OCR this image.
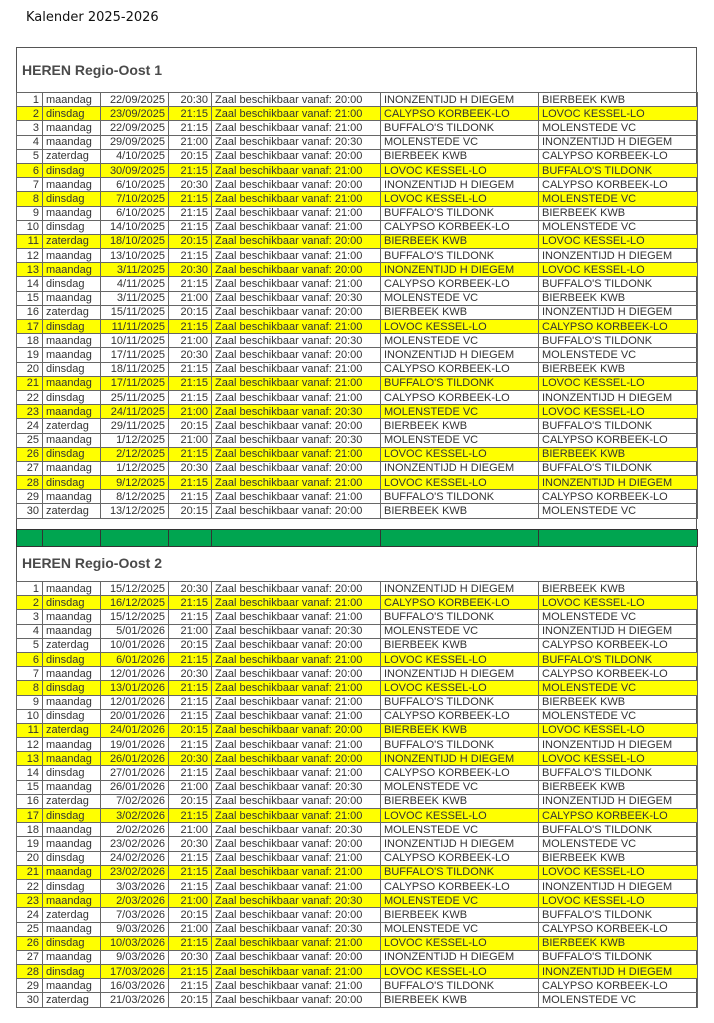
Kalender 2025-2026
HEREN Regio-Oost 1
1	maandag	22/09/2025	20:30	Zaal beschikbaar vanaf: 20:00	INONZENTIJD H DIEGEM	BIERBEEK KWB
2	dinsdag	23/09/2025	21:15	Zaal beschikbaar vanaf: 21:00	CALYPSO KORBEEK-LO	LOVOC KESSEL-LO
3	maandag	22/09/2025	21:15	Zaal beschikbaar vanaf: 21:00	BUFFALO'S TILDONK	MOLENSTEDE VC
4	maandag	29/09/2025	21:00	Zaal beschikbaar vanaf: 20:30	MOLENSTEDE VC	INONZENTIJD H DIEGEM
5	zaterdag	4/10/2025	20:15	Zaal beschikbaar vanaf: 20:00	BIERBEEK KWB	CALYPSO KORBEEK-LO
6	dinsdag	30/09/2025	21:15	Zaal beschikbaar vanaf: 21:00	LOVOC KESSEL-LO	BUFFALO'S TILDONK
7	maandag	6/10/2025	20:30	Zaal beschikbaar vanaf: 20:00	INONZENTIJD H DIEGEM	CALYPSO KORBEEK-LO
8	dinsdag	7/10/2025	21:15	Zaal beschikbaar vanaf: 21:00	LOVOC KESSEL-LO	MOLENSTEDE VC
9	maandag	6/10/2025	21:15	Zaal beschikbaar vanaf: 21:00	BUFFALO'S TILDONK	BIERBEEK KWB
10	dinsdag	14/10/2025	21:15	Zaal beschikbaar vanaf: 21:00	CALYPSO KORBEEK-LO	MOLENSTEDE VC
11	zaterdag	18/10/2025	20:15	Zaal beschikbaar vanaf: 20:00	BIERBEEK KWB	LOVOC KESSEL-LO
12	maandag	13/10/2025	21:15	Zaal beschikbaar vanaf: 21:00	BUFFALO'S TILDONK	INONZENTIJD H DIEGEM
13	maandag	3/11/2025	20:30	Zaal beschikbaar vanaf: 20:00	INONZENTIJD H DIEGEM	LOVOC KESSEL-LO
14	dinsdag	4/11/2025	21:15	Zaal beschikbaar vanaf: 21:00	CALYPSO KORBEEK-LO	BUFFALO'S TILDONK
15	maandag	3/11/2025	21:00	Zaal beschikbaar vanaf: 20:30	MOLENSTEDE VC	BIERBEEK KWB
16	zaterdag	15/11/2025	20:15	Zaal beschikbaar vanaf: 20:00	BIERBEEK KWB	INONZENTIJD H DIEGEM
17	dinsdag	11/11/2025	21:15	Zaal beschikbaar vanaf: 21:00	LOVOC KESSEL-LO	CALYPSO KORBEEK-LO
18	maandag	10/11/2025	21:00	Zaal beschikbaar vanaf: 20:30	MOLENSTEDE VC	BUFFALO'S TILDONK
19	maandag	17/11/2025	20:30	Zaal beschikbaar vanaf: 20:00	INONZENTIJD H DIEGEM	MOLENSTEDE VC
20	dinsdag	18/11/2025	21:15	Zaal beschikbaar vanaf: 21:00	CALYPSO KORBEEK-LO	BIERBEEK KWB
21	maandag	17/11/2025	21:15	Zaal beschikbaar vanaf: 21:00	BUFFALO'S TILDONK	LOVOC KESSEL-LO
22	dinsdag	25/11/2025	21:15	Zaal beschikbaar vanaf: 21:00	CALYPSO KORBEEK-LO	INONZENTIJD H DIEGEM
23	maandag	24/11/2025	21:00	Zaal beschikbaar vanaf: 20:30	MOLENSTEDE VC	LOVOC KESSEL-LO
24	zaterdag	29/11/2025	20:15	Zaal beschikbaar vanaf: 20:00	BIERBEEK KWB	BUFFALO'S TILDONK
25	maandag	1/12/2025	21:00	Zaal beschikbaar vanaf: 20:30	MOLENSTEDE VC	CALYPSO KORBEEK-LO
26	dinsdag	2/12/2025	21:15	Zaal beschikbaar vanaf: 21:00	LOVOC KESSEL-LO	BIERBEEK KWB
27	maandag	1/12/2025	20:30	Zaal beschikbaar vanaf: 20:00	INONZENTIJD H DIEGEM	BUFFALO'S TILDONK
28	dinsdag	9/12/2025	21:15	Zaal beschikbaar vanaf: 21:00	LOVOC KESSEL-LO	INONZENTIJD H DIEGEM
29	maandag	8/12/2025	21:15	Zaal beschikbaar vanaf: 21:00	BUFFALO'S TILDONK	CALYPSO KORBEEK-LO
30	zaterdag	13/12/2025	20:15	Zaal beschikbaar vanaf: 20:00	BIERBEEK KWB	MOLENSTEDE VC

HEREN Regio-Oost 2
1	maandag	15/12/2025	20:30	Zaal beschikbaar vanaf: 20:00	INONZENTIJD H DIEGEM	BIERBEEK KWB
2	dinsdag	16/12/2025	21:15	Zaal beschikbaar vanaf: 21:00	CALYPSO KORBEEK-LO	LOVOC KESSEL-LO
3	maandag	15/12/2025	21:15	Zaal beschikbaar vanaf: 21:00	BUFFALO'S TILDONK	MOLENSTEDE VC
4	maandag	5/01/2026	21:00	Zaal beschikbaar vanaf: 20:30	MOLENSTEDE VC	INONZENTIJD H DIEGEM
5	zaterdag	10/01/2026	20:15	Zaal beschikbaar vanaf: 20:00	BIERBEEK KWB	CALYPSO KORBEEK-LO
6	dinsdag	6/01/2026	21:15	Zaal beschikbaar vanaf: 21:00	LOVOC KESSEL-LO	BUFFALO'S TILDONK
7	maandag	12/01/2026	20:30	Zaal beschikbaar vanaf: 20:00	INONZENTIJD H DIEGEM	CALYPSO KORBEEK-LO
8	dinsdag	13/01/2026	21:15	Zaal beschikbaar vanaf: 21:00	LOVOC KESSEL-LO	MOLENSTEDE VC
9	maandag	12/01/2026	21:15	Zaal beschikbaar vanaf: 21:00	BUFFALO'S TILDONK	BIERBEEK KWB
10	dinsdag	20/01/2026	21:15	Zaal beschikbaar vanaf: 21:00	CALYPSO KORBEEK-LO	MOLENSTEDE VC
11	zaterdag	24/01/2026	20:15	Zaal beschikbaar vanaf: 20:00	BIERBEEK KWB	LOVOC KESSEL-LO
12	maandag	19/01/2026	21:15	Zaal beschikbaar vanaf: 21:00	BUFFALO'S TILDONK	INONZENTIJD H DIEGEM
13	maandag	26/01/2026	20:30	Zaal beschikbaar vanaf: 20:00	INONZENTIJD H DIEGEM	LOVOC KESSEL-LO
14	dinsdag	27/01/2026	21:15	Zaal beschikbaar vanaf: 21:00	CALYPSO KORBEEK-LO	BUFFALO'S TILDONK
15	maandag	26/01/2026	21:00	Zaal beschikbaar vanaf: 20:30	MOLENSTEDE VC	BIERBEEK KWB
16	zaterdag	7/02/2026	20:15	Zaal beschikbaar vanaf: 20:00	BIERBEEK KWB	INONZENTIJD H DIEGEM
17	dinsdag	3/02/2026	21:15	Zaal beschikbaar vanaf: 21:00	LOVOC KESSEL-LO	CALYPSO KORBEEK-LO
18	maandag	2/02/2026	21:00	Zaal beschikbaar vanaf: 20:30	MOLENSTEDE VC	BUFFALO'S TILDONK
19	maandag	23/02/2026	20:30	Zaal beschikbaar vanaf: 20:00	INONZENTIJD H DIEGEM	MOLENSTEDE VC
20	dinsdag	24/02/2026	21:15	Zaal beschikbaar vanaf: 21:00	CALYPSO KORBEEK-LO	BIERBEEK KWB
21	maandag	23/02/2026	21:15	Zaal beschikbaar vanaf: 21:00	BUFFALO'S TILDONK	LOVOC KESSEL-LO
22	dinsdag	3/03/2026	21:15	Zaal beschikbaar vanaf: 21:00	CALYPSO KORBEEK-LO	INONZENTIJD H DIEGEM
23	maandag	2/03/2026	21:00	Zaal beschikbaar vanaf: 20:30	MOLENSTEDE VC	LOVOC KESSEL-LO
24	zaterdag	7/03/2026	20:15	Zaal beschikbaar vanaf: 20:00	BIERBEEK KWB	BUFFALO'S TILDONK
25	maandag	9/03/2026	21:00	Zaal beschikbaar vanaf: 20:30	MOLENSTEDE VC	CALYPSO KORBEEK-LO
26	dinsdag	10/03/2026	21:15	Zaal beschikbaar vanaf: 21:00	LOVOC KESSEL-LO	BIERBEEK KWB
27	maandag	9/03/2026	20:30	Zaal beschikbaar vanaf: 20:00	INONZENTIJD H DIEGEM	BUFFALO'S TILDONK
28	dinsdag	17/03/2026	21:15	Zaal beschikbaar vanaf: 21:00	LOVOC KESSEL-LO	INONZENTIJD H DIEGEM
29	maandag	16/03/2026	21:15	Zaal beschikbaar vanaf: 21:00	BUFFALO'S TILDONK	CALYPSO KORBEEK-LO
30	zaterdag	21/03/2026	20:15	Zaal beschikbaar vanaf: 20:00	BIERBEEK KWB	MOLENSTEDE VC
